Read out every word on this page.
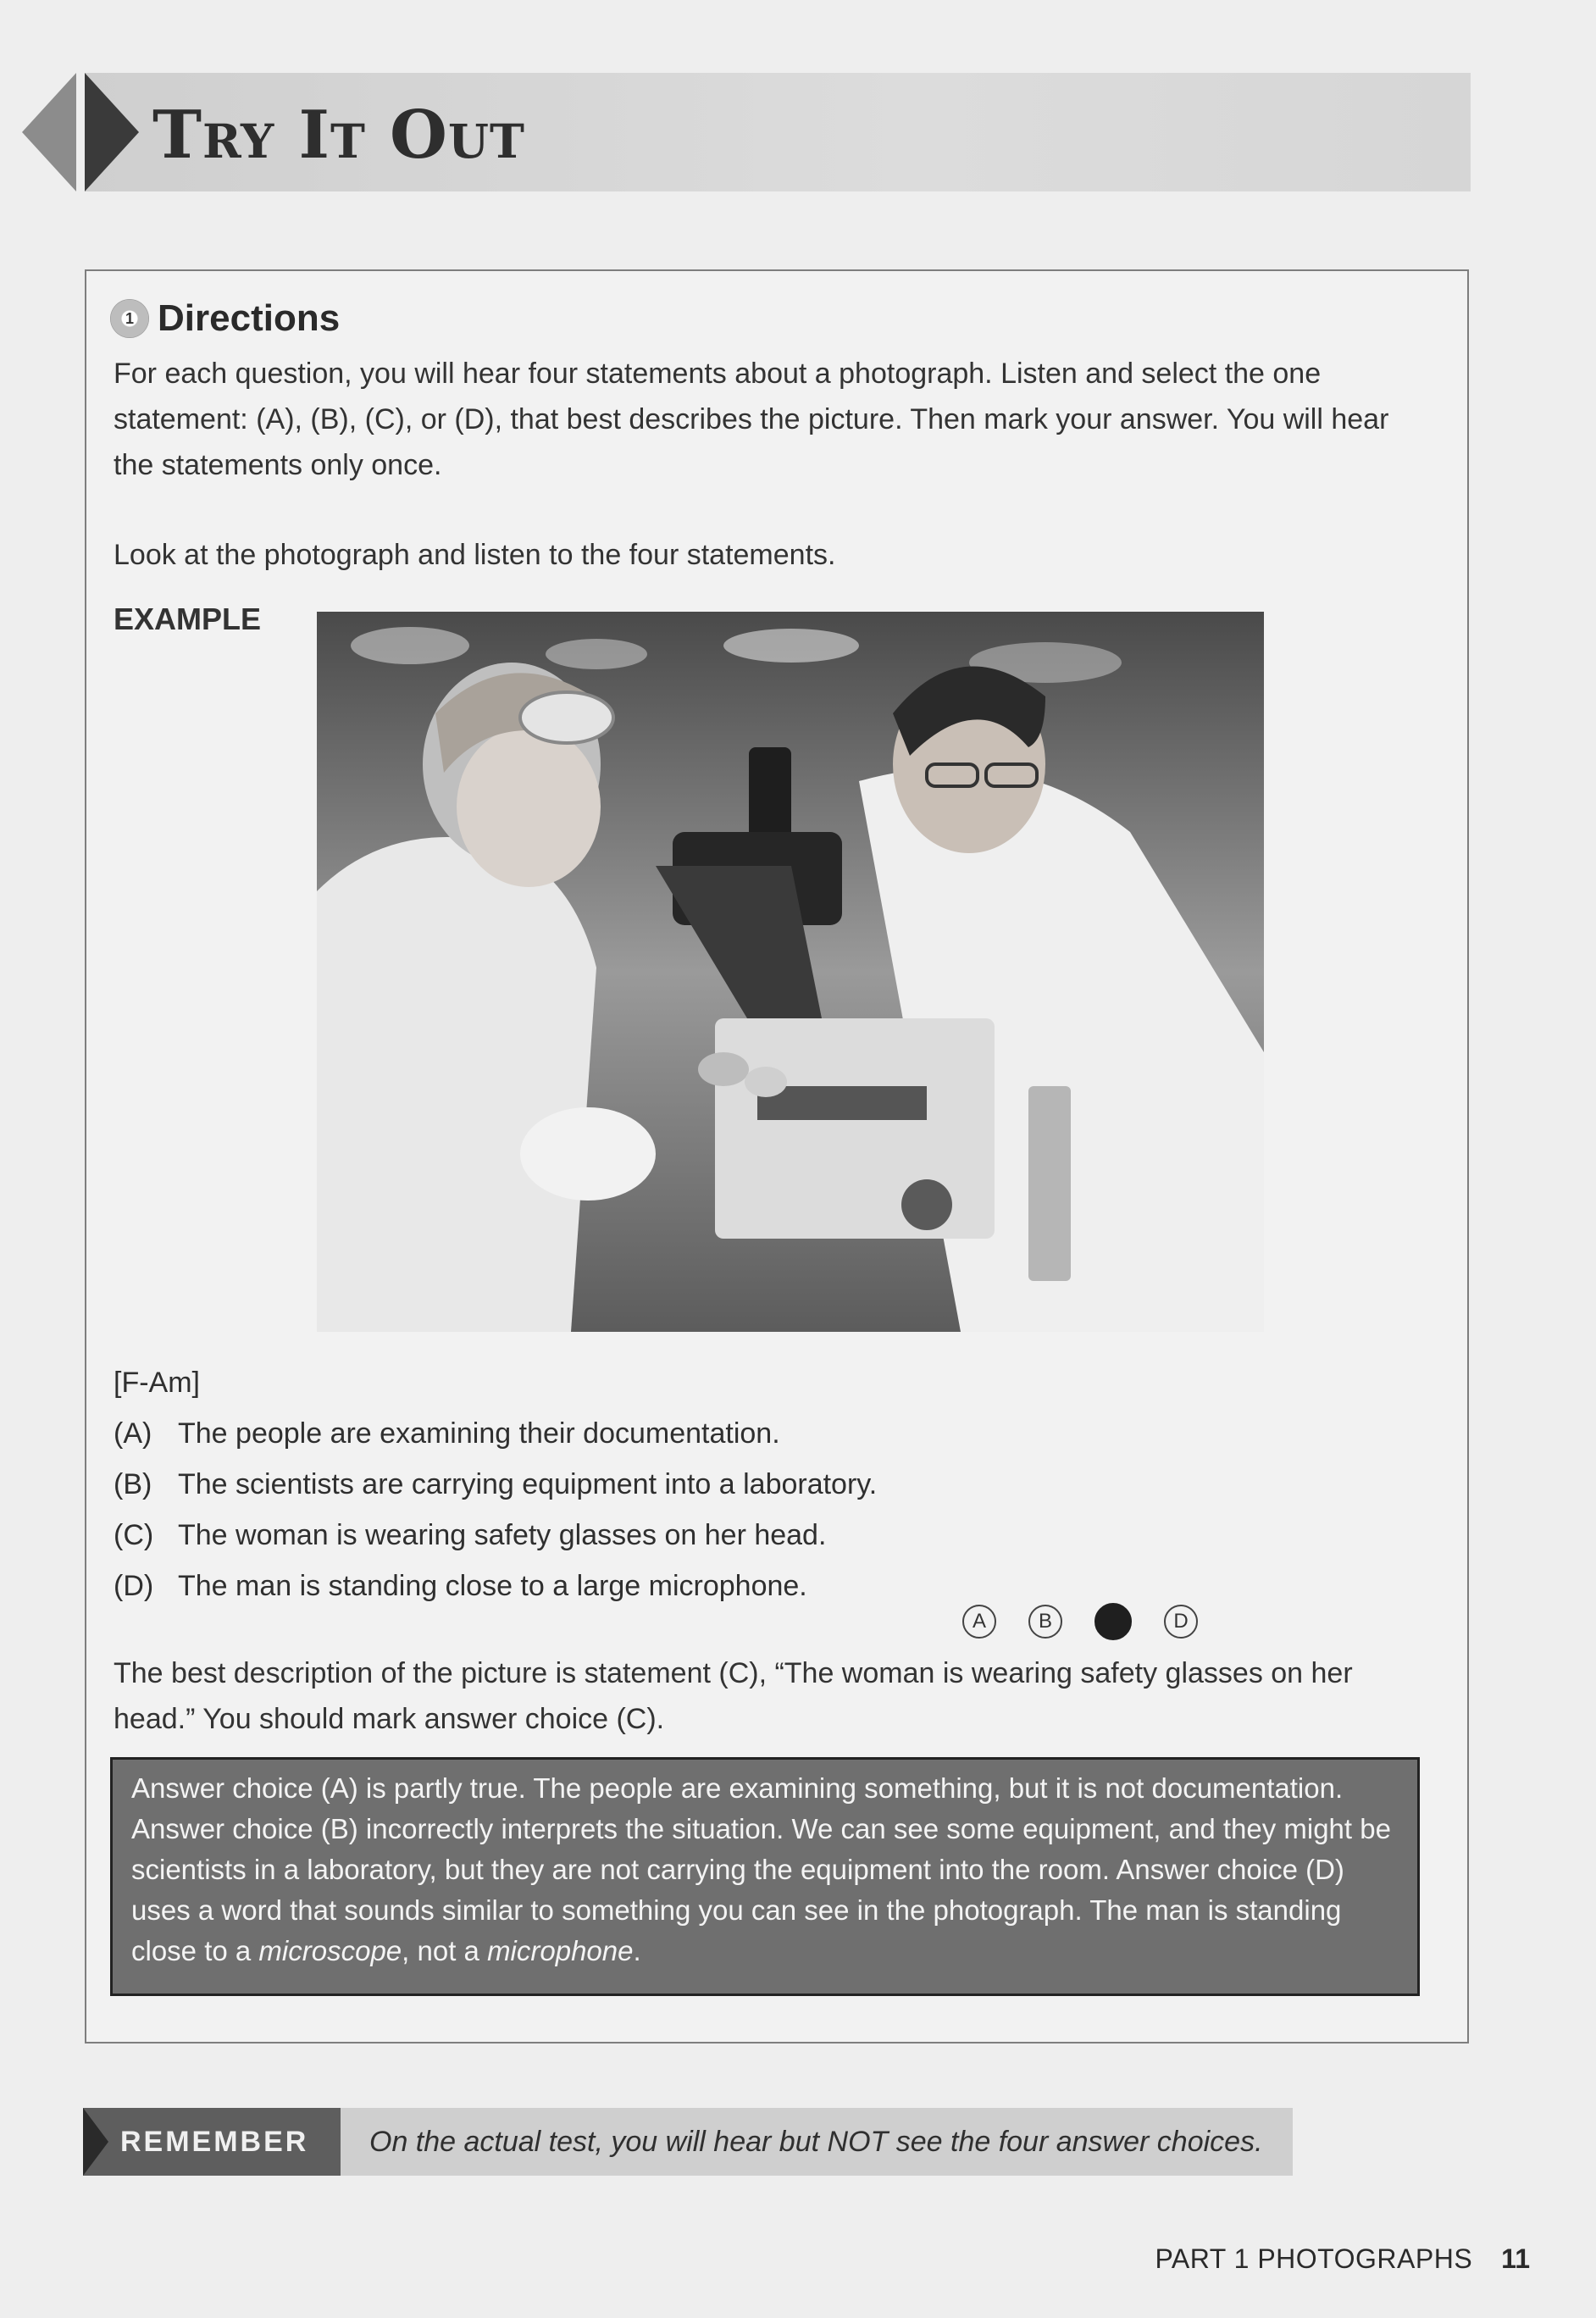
Try It Out
1 Directions
For each question, you will hear four statements about a photograph. Listen and select the one statement: (A), (B), (C), or (D), that best describes the picture. Then mark your answer. You will hear the statements only once.
Look at the photograph and listen to the four statements.
EXAMPLE
[F-Am]
(A) The people are examining their documentation.
(B) The scientists are carrying equipment into a laboratory.
(C) The woman is wearing safety glasses on her head.
(D) The man is standing close to a large microphone.
A	B	D
The best description of the picture is statement (C), “The woman is wearing safety glasses on her head.” You should mark answer choice (C).
Answer choice (A) is partly true. The people are examining something, but it is not documentation. Answer choice (B) incorrectly interprets the situation. We can see some equipment, and they might be scientists in a laboratory, but they are not carrying the equipment into the room. Answer choice (D) uses a word that sounds similar to something you can see in the photograph. The man is standing close to a microscope, not a microphone.
REMEMBER	On the actual test, you will hear but NOT see the four answer choices.
PART 1 PHOTOGRAPHS 11
